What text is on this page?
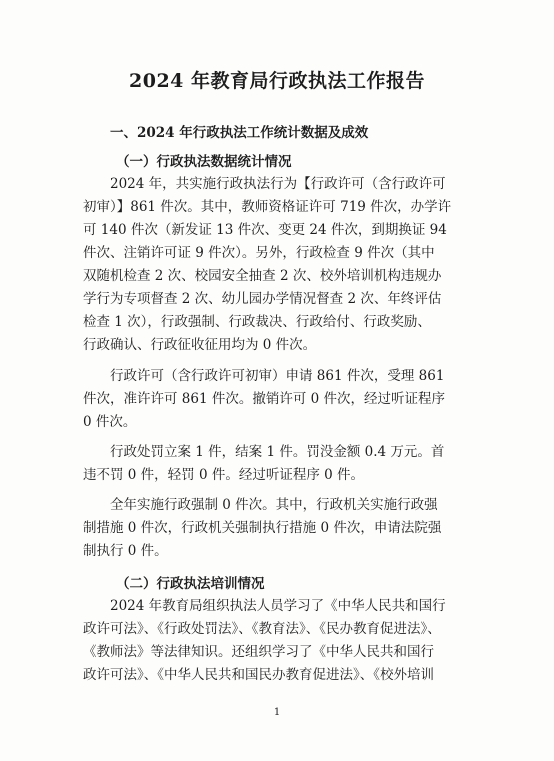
2024 年教育局行政执法工作报告
一、2024 年行政执法工作统计数据及成效
（一）行政执法数据统计情况
2024 年，共实施行政执法行为【行政许可（含行政许可
初审）】861 件次。其中，教师资格证许可 719 件次，办学许
可 140 件次（新发证 13 件次、变更 24 件次，到期换证 94
件次、注销许可证 9 件次）。另外，行政检查 9 件次（其中
双随机检查 2 次、校园安全抽查 2 次、校外培训机构违规办
学行为专项督查 2 次、幼儿园办学情况督查 2 次、年终评估
检查 1 次），行政强制、行政裁决、行政给付、行政奖励、
行政确认、行政征收征用均为 0 件次。
行政许可（含行政许可初审）申请 861 件次，受理 861
件次，准许许可 861 件次。撤销许可 0 件次，经过听证程序
0 件次。
行政处罚立案 1 件，结案 1 件。罚没金额 0.4 万元。首
违不罚 0 件，轻罚 0 件。经过听证程序 0 件。
全年实施行政强制 0 件次。其中，行政机关实施行政强
制措施 0 件次，行政机关强制执行措施 0 件次，申请法院强
制执行 0 件。
（二）行政执法培训情况
2024 年教育局组织执法人员学习了《中华人民共和国行
政许可法》、《行政处罚法》、《教育法》、《民办教育促进法》、
《教师法》等法律知识。还组织学习了《中华人民共和国行
政许可法》、《中华人民共和国民办教育促进法》、《校外培训
1
